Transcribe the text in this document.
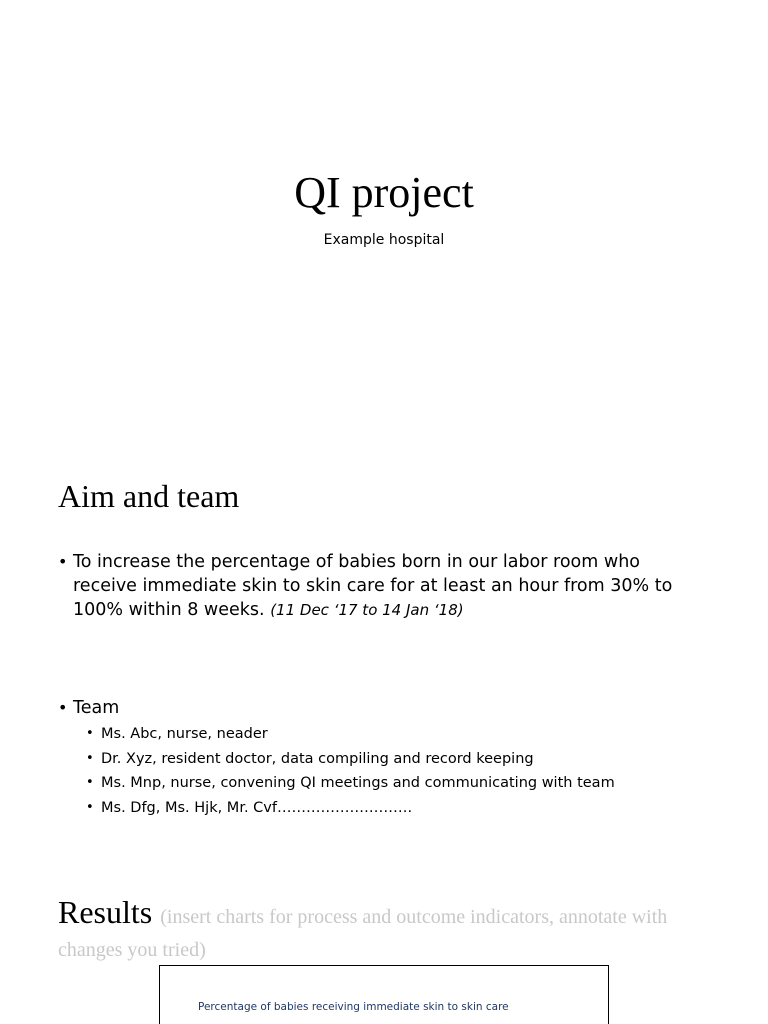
QI project

Example hospital

Aim and team
• To increase the percentage of babies born in our labor room who receive immediate skin to skin care for at least an hour from 30% to 100% within 8 weeks. (11 Dec ‘17 to 14 Jan ‘18)
• Team
• Ms. Abc, nurse, neader
• Dr. Xyz, resident doctor, data compiling and record keeping
• Ms. Mnp, nurse, convening QI meetings and communicating with team
• Ms. Dfg, Ms. Hjk, Mr. Cvf……………………….
Results (insert charts for process and outcome indicators, annotate with changes you tried)

Percentage of babies receiving immediate skin to skin care
